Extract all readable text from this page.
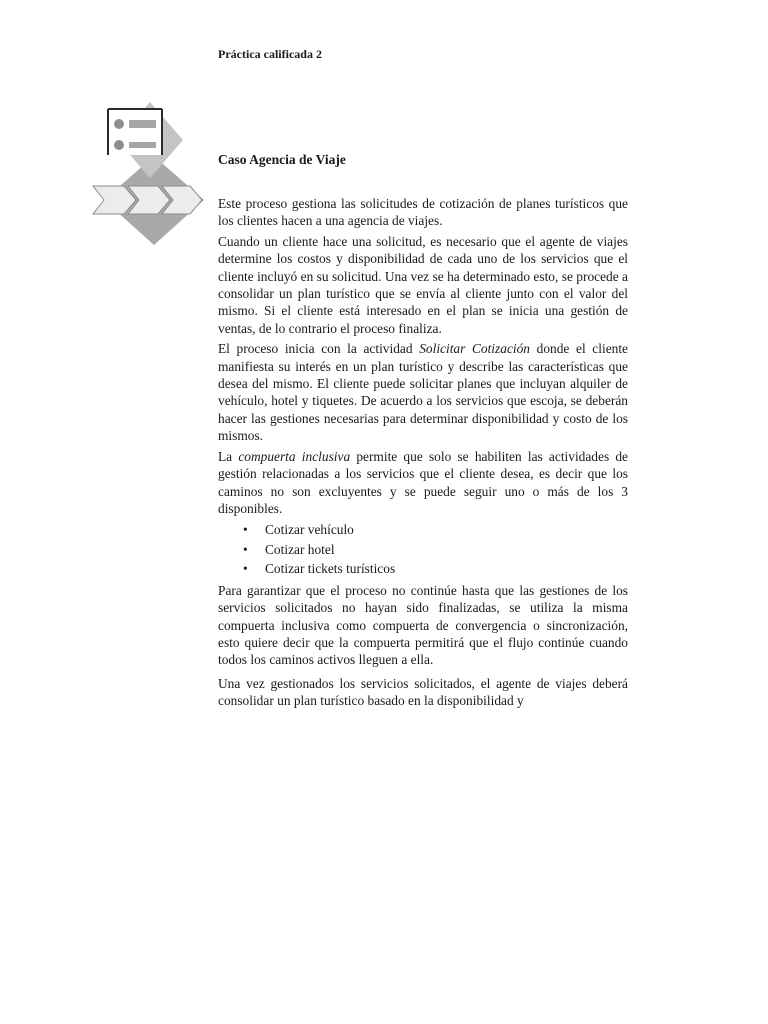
Práctica calificada 2
Caso Agencia de Viaje

Este proceso gestiona las solicitudes de cotización de planes turísticos que los clientes hacen a una agencia de viajes.

Cuando un cliente hace una solicitud, es necesario que el agente de viajes determine los costos y disponibilidad de cada uno de los servicios que el cliente incluyó en su solicitud. Una vez se ha determinado esto, se procede a consolidar un plan turístico que se envía al cliente junto con el valor del mismo. Si el cliente está interesado en el plan se inicia una gestión de ventas, de lo contrario el proceso finaliza.

El proceso inicia con la actividad Solicitar Cotización donde el cliente manifiesta su interés en un plan turístico y describe las características que desea del mismo. El cliente puede solicitar planes que incluyan alquiler de vehículo, hotel y tiquetes. De acuerdo a los servicios que escoja, se deberán hacer las gestiones necesarias para determinar disponibilidad y costo de los mismos.

La compuerta inclusiva permite que solo se habiliten las actividades de gestión relacionadas a los servicios que el cliente desea, es decir que los caminos no son excluyentes y se puede seguir uno o más de los 3 disponibles.

• Cotizar vehículo
• Cotizar hotel
• Cotizar tickets turísticos

Para garantizar que el proceso no continúe hasta que las gestiones de los servicios solicitados no hayan sido finalizadas, se utiliza la misma compuerta inclusiva como compuerta de convergencia o sincronización, esto quiere decir que la compuerta permitirá que el flujo continúe cuando todos los caminos activos lleguen a ella.

Una vez gestionados los servicios solicitados, el agente de viajes deberá consolidar un plan turístico basado en la disponibilidad y
